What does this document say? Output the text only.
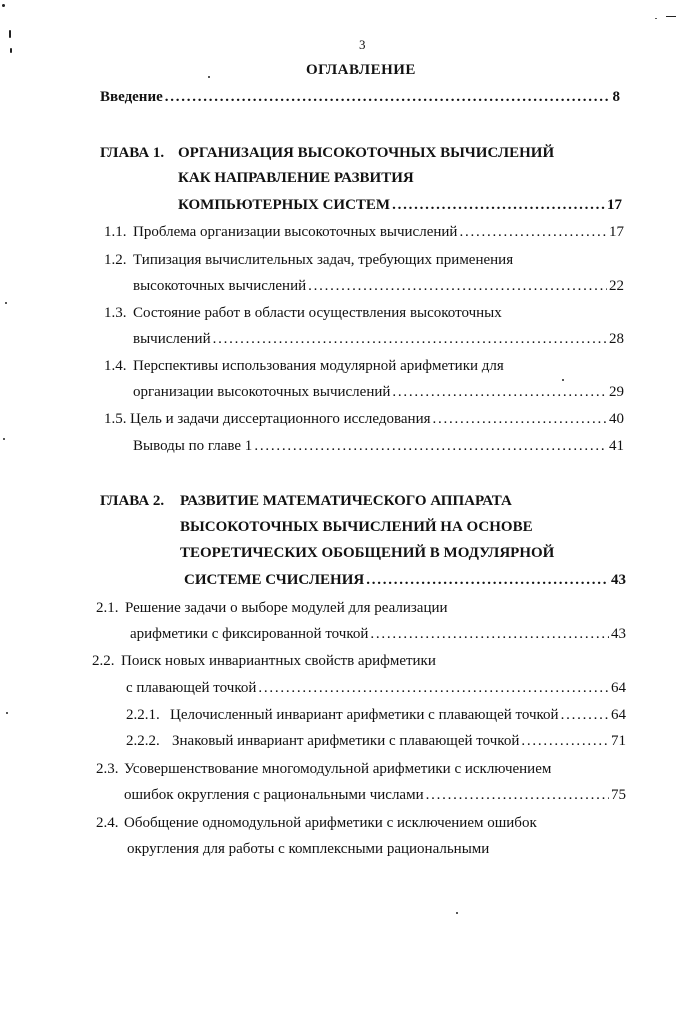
3
ОГЛАВЛЕНИЕ
Введение . . .	8
ГЛАВА 1. ОРГАНИЗАЦИЯ ВЫСОКОТОЧНЫХ ВЫЧИСЛЕНИЙ
КАК НАПРАВЛЕНИЕ РАЗВИТИЯ
КОМПЬЮТЕРНЫХ СИСТЕМ . . .	17
1.1. Проблема организации высокоточных вычислений . . .	17
1.2. Типизация вычислительных задач, требующих применения
высокоточных вычислений . . .	22
1.3. Состояние работ в области осуществления высокоточных
вычислений . . .	28
1.4. Перспективы использования модулярной арифметики для
организации высокоточных вычислений . . .	29
1.5. Цель и задачи диссертационного исследования . . .	40
Выводы по главе 1 . . .	41
ГЛАВА 2. РАЗВИТИЕ МАТЕМАТИЧЕСКОГО АППАРАТА
ВЫСОКОТОЧНЫХ ВЫЧИСЛЕНИЙ НА ОСНОВЕ
ТЕОРЕТИЧЕСКИХ ОБОБЩЕНИЙ В МОДУЛЯРНОЙ
СИСТЕМЕ СЧИСЛЕНИЯ . . .	43
2.1. Решение задачи о выборе модулей для реализации
арифметики с фиксированной точкой . . .	43
2.2. Поиск новых инвариантных свойств арифметики
с плавающей точкой . . .	64
2.2.1. Целочисленный инвариант арифметики с плавающей точкой . . .	64
2.2.2. Знаковый инвариант арифметики с плавающей точкой . . .	71
2.3. Усовершенствование многомодульной арифметики с исключением
ошибок округления с рациональными числами . . .	75
2.4. Обобщение одномодульной арифметики с исключением ошибок
округления для работы с комплексными рациональными
